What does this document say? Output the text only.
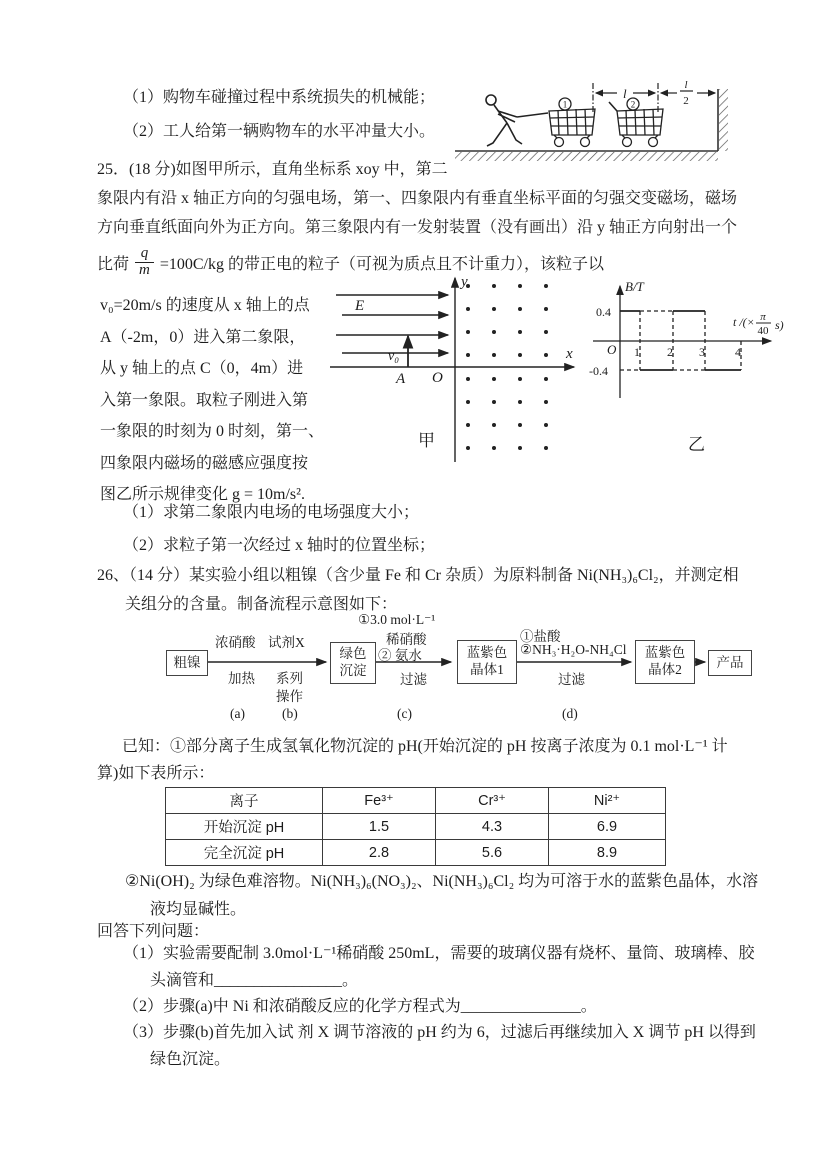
（1）购物车碰撞过程中系统损失的机械能；
（2）工人给第一辆购物车的水平冲量大小。
1	2
l
l
2
25．(18 分)如图甲所示，直角坐标系 xoy 中，第二
象限内有沿 x 轴正方向的匀强电场，第一、四象限内有垂直坐标平面的匀强交变磁场，磁场
方向垂直纸面向外为正方向。第三象限内有一发射装置（没有画出）沿 y 轴正方向射出一个
比荷 $\frac{q}{m} =100C/kg$ 的带正电的粒子（可视为质点且不计重力），该粒子以
v₀=20m/s 的速度从 x 轴上的点
A（-2m，0）进入第二象限，
从 y 轴上的点 C（0，4m）进
入第一象限。取粒子刚进入第
一象限的时刻为 0 时刻，第一、
四象限内磁场的磁感应强度按
图乙所示规律变化 g = 10m/s².
y
x
O
A
E
v₀
甲
B/T
0.4
-0.4
O 1 2 3	4
t /(× π
40 s)
乙
（1）求第二象限内电场的电场强度大小；
（2）求粒子第一次经过 x 轴时的位置坐标；
26、（14 分）某实验小组以粗镍（含少量 Fe 和 Cr 杂质）为原料制备 Ni(NH₃)₆Cl₂，并测定相
关组分的含量。制备流程示意图如下：
粗镍
浓硝酸
加热
试剂X
系列
操作
绿色
沉淀
①3.0 mol·L⁻¹
稀硝酸
② 氨水
过滤
蓝紫色
晶体1
①盐酸
②NH₃·H₂O-NH₄Cl
过滤
蓝紫色
晶体2	产品
(a)	(b)	(c)	(d)
已知：①部分离子生成氢氧化物沉淀的 pH(开始沉淀的 pH 按离子浓度为 0.1 mol·L⁻¹ 计
算)如下表所示：
离子	Fe³⁺	Cr³⁺	Ni²⁺
开始沉淀 pH	1.5	4.3	6.9
完全沉淀 pH	2.8	5.6	8.9
②Ni(OH)₂ 为绿色难溶物。Ni(NH₃)₆(NO₃)₂、Ni(NH₃)₆Cl₂ 均为可溶于水的蓝紫色晶体，水溶
液均显碱性。
回答下列问题：
（1）实验需要配制 3.0mol·L⁻¹稀硝酸 250mL，需要的玻璃仪器有烧杯、量筒、玻璃棒、胶
头滴管和________________。
（2）步骤(a)中 Ni 和浓硝酸反应的化学方程式为_______________。
（3）步骤(b)首先加入试 剂 X 调节溶液的 pH 约为 6，过滤后再继续加入 X 调节 pH 以得到
绿色沉淀。
